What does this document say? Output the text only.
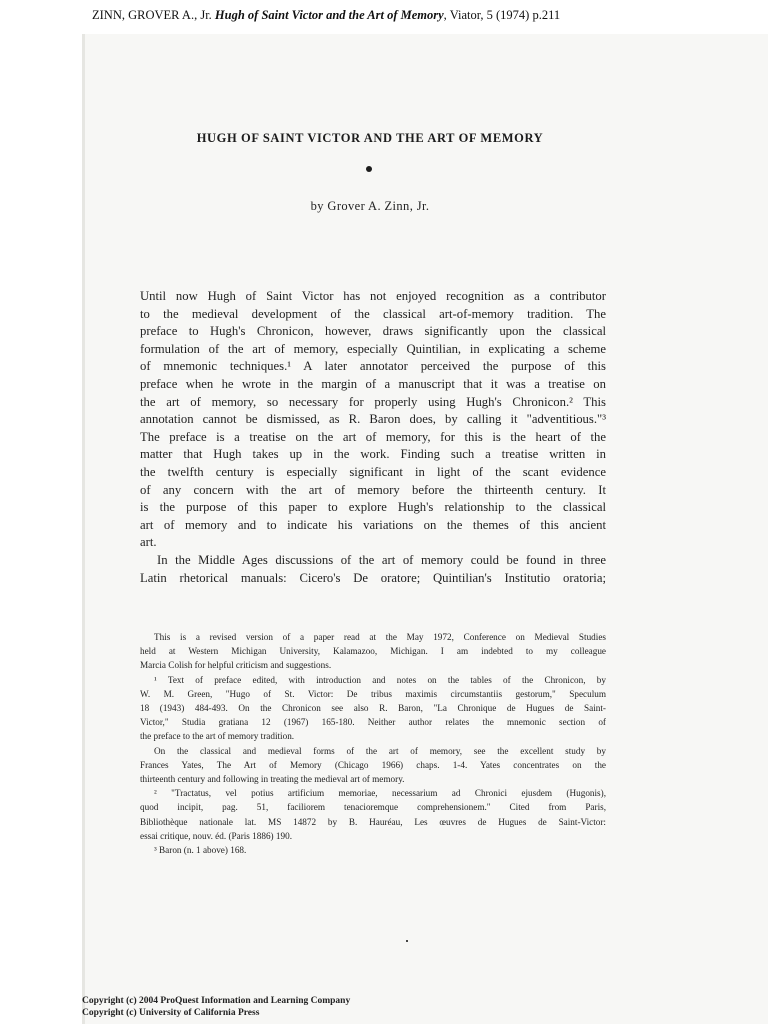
ZINN, GROVER A., Jr. Hugh of Saint Victor and the Art of Memory, Viator, 5 (1974) p.211
HUGH OF SAINT VICTOR AND THE ART OF MEMORY
by Grover A. Zinn, Jr.
Until now Hugh of Saint Victor has not enjoyed recognition as a contributor
to the medieval development of the classical art-of-memory tradition. The
preface to Hugh's Chronicon, however, draws significantly upon the classical
formulation of the art of memory, especially Quintilian, in explicating a scheme
of mnemonic techniques.¹ A later annotator perceived the purpose of this
preface when he wrote in the margin of a manuscript that it was a treatise on
the art of memory, so necessary for properly using Hugh's Chronicon.² This
annotation cannot be dismissed, as R. Baron does, by calling it "adventitious."³
The preface is a treatise on the art of memory, for this is the heart of the
matter that Hugh takes up in the work. Finding such a treatise written in
the twelfth century is especially significant in light of the scant evidence
of any concern with the art of memory before the thirteenth century. It
is the purpose of this paper to explore Hugh's relationship to the classical
art of memory and to indicate his variations on the themes of this ancient
art.
In the Middle Ages discussions of the art of memory could be found in three
Latin rhetorical manuals: Cicero's De oratore; Quintilian's Institutio oratoria;
This is a revised version of a paper read at the May 1972, Conference on Medieval Studies
held at Western Michigan University, Kalamazoo, Michigan. I am indebted to my colleague
Marcia Colish for helpful criticism and suggestions.
¹ Text of preface edited, with introduction and notes on the tables of the Chronicon, by
W. M. Green, "Hugo of St. Victor: De tribus maximis circumstantiis gestorum," Speculum
18 (1943) 484-493. On the Chronicon see also R. Baron, "La Chronique de Hugues de Saint-
Victor," Studia gratiana 12 (1967) 165-180. Neither author relates the mnemonic section of
the preface to the art of memory tradition.
On the classical and medieval forms of the art of memory, see the excellent study by
Frances Yates, The Art of Memory (Chicago 1966) chaps. 1-4. Yates concentrates on the
thirteenth century and following in treating the medieval art of memory.
² "Tractatus, vel potius artificium memoriae, necessarium ad Chronici ejusdem (Hugonis),
quod incipit, pag. 51, faciliorem tenacioremque comprehensionem." Cited from Paris,
Bibliothèque nationale lat. MS 14872 by B. Hauréau, Les œuvres de Hugues de Saint-Victor:
essai critique, nouv. éd. (Paris 1886) 190.
³ Baron (n. 1 above) 168.
Copyright (c) 2004 ProQuest Information and Learning Company
Copyright (c) University of California Press
